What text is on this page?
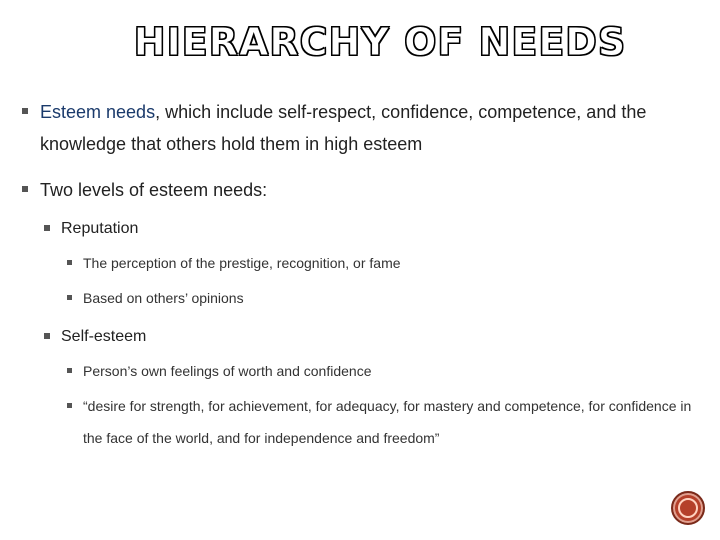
HIERARCHY OF NEEDS
Esteem needs, which include self-respect, confidence, competence, and the knowledge that others hold them in high esteem
Two levels of esteem needs:
Reputation
The perception of the prestige, recognition, or fame
Based on others’ opinions
Self-esteem
Person’s own feelings of worth and confidence
“desire for strength, for achievement, for adequacy, for mastery and competence, for confidence in the face of the world, and for independence and freedom”
